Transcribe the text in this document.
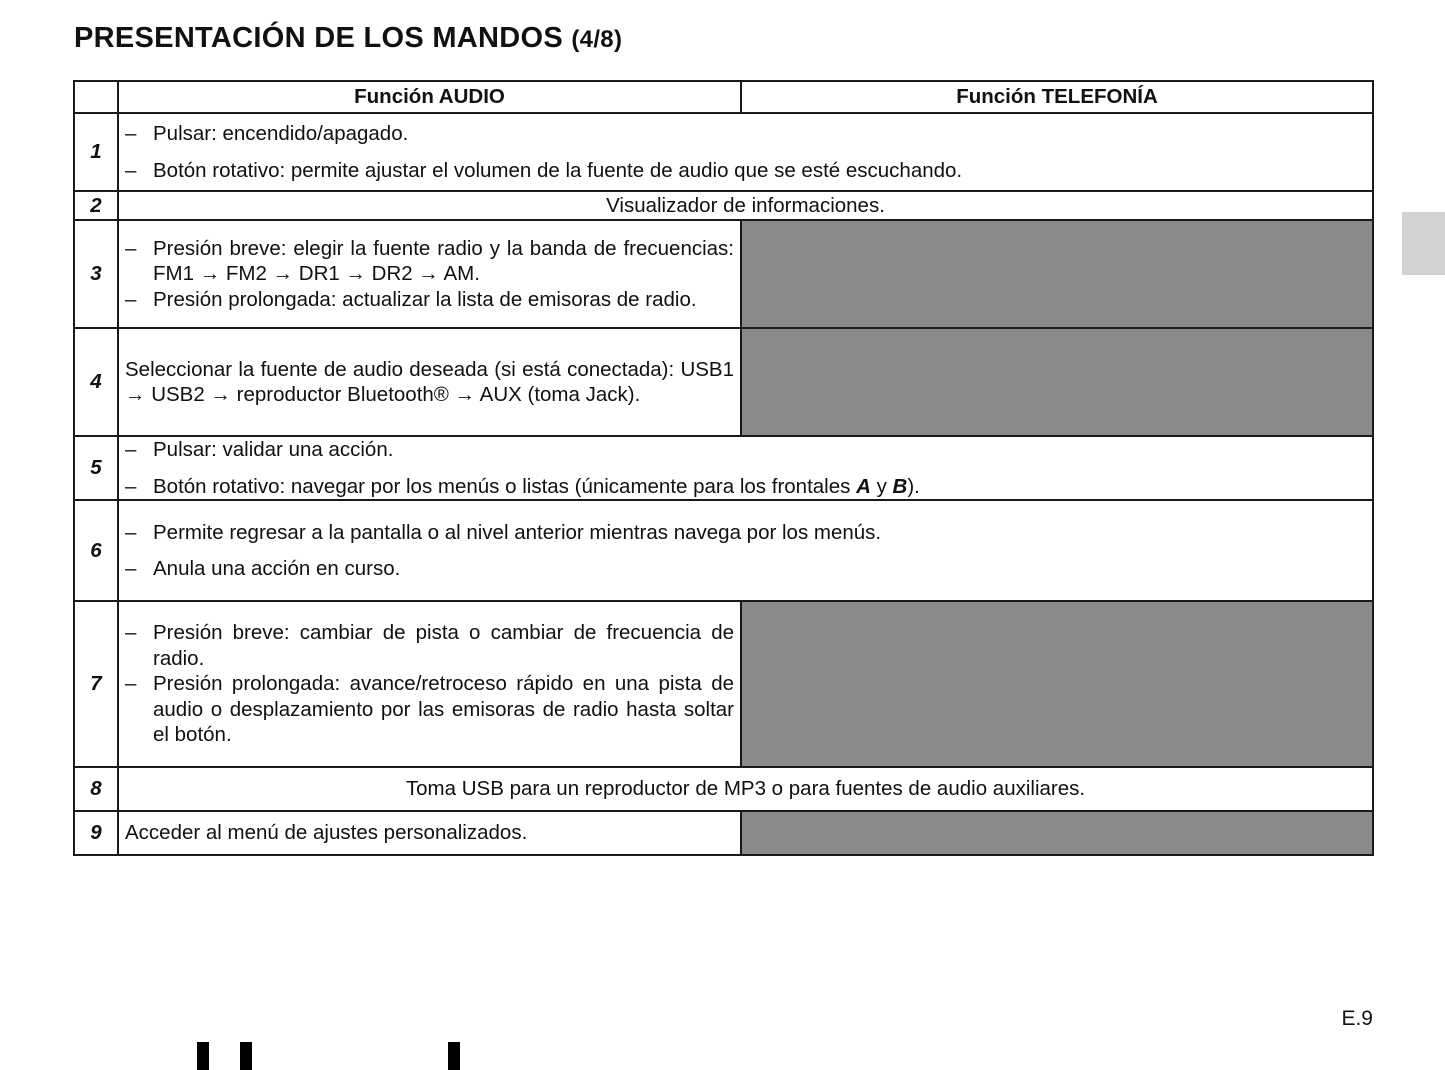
PRESENTACIÓN DE LOS MANDOS (4/8)
	Función AUDIO	Función TELEFONÍA
1	– Pulsar: encendido/apagado.
– Botón rotativo: permite ajustar el volumen de la fuente de audio que se esté escuchando.	

2	Visualizador de informaciones.	
3	– Presión breve: elegir la fuente radio y la banda de frecuencias: FM1 → FM2 → DR1 → DR2 → AM.
– Presión prolongada: actualizar la lista de emisoras de radio.	

4	Seleccionar la fuente de audio deseada (si está conectada): USB1 → USB2 → reproductor Bluetooth® → AUX (toma Jack).	
5	– Pulsar: validar una acción.
– Botón rotativo: navegar por los menús o listas (únicamente para los frontales A y B).	

6	– Permite regresar a la pantalla o al nivel anterior mientras navega por los menús.
– Anula una acción en curso.	

7	– Presión breve: cambiar de pista o cambiar de frecuencia de radio.
– Presión prolongada: avance/retroceso rápido en una pista de audio o desplazamiento por las emisoras de radio hasta soltar el botón.	

8	Toma USB para un reproductor de MP3 o para fuentes de audio auxiliares.	
9	Acceder al menú de ajustes personalizados.	
E.9
